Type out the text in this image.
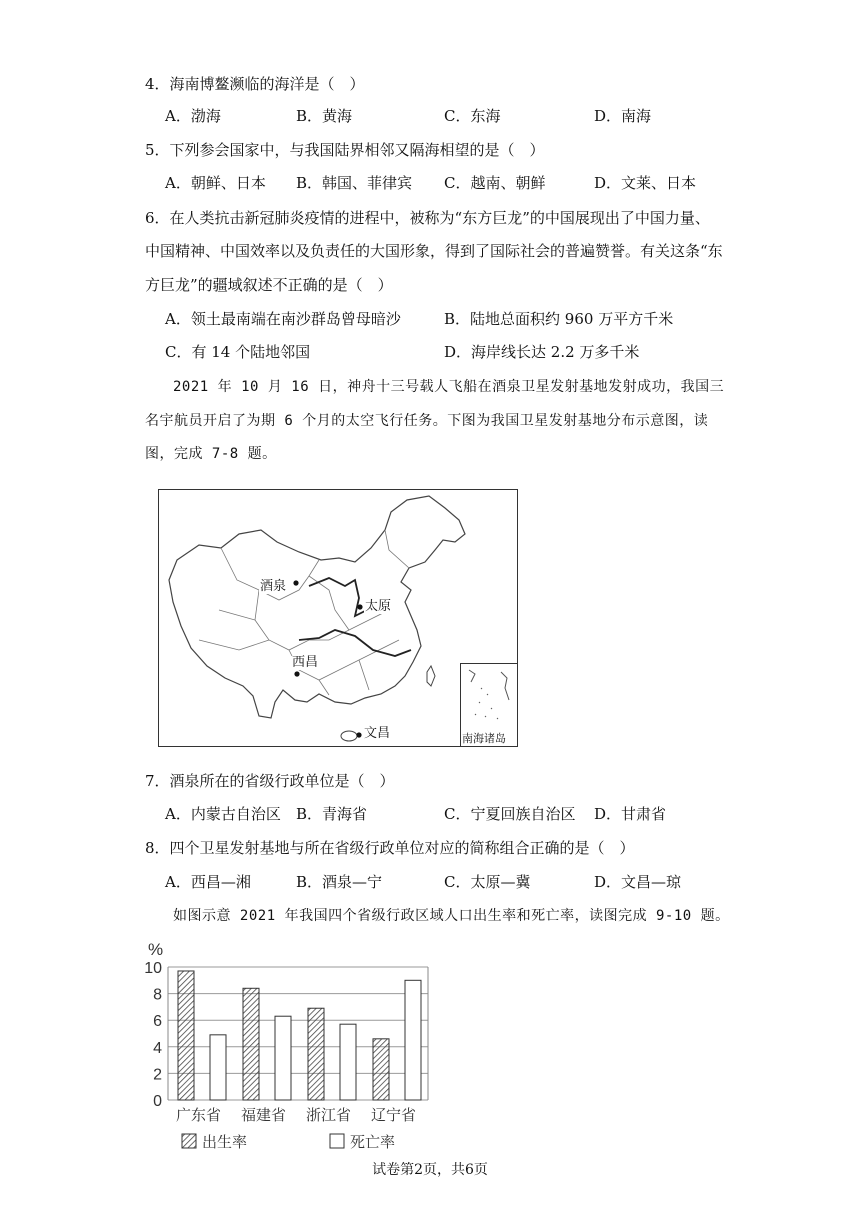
4．海南博鳌濒临的海洋是（　）
A．渤海	B．黄海	C．东海	D．南海
5．下列参会国家中，与我国陆界相邻又隔海相望的是（　）
A．朝鲜、日本 B．韩国、菲律宾 C．越南、朝鲜	D．文莱、日本
6．在人类抗击新冠肺炎疫情的进程中，被称为“东方巨龙”的中国展现出了中国力量、
中国精神、中国效率以及负责任的大国形象，得到了国际社会的普遍赞誉。有关这条“东
方巨龙”的疆域叙述不正确的是（　）
A．领土最南端在南沙群岛曾母暗沙	B．陆地总面积约 960 万平方千米
C．有 14 个陆地邻国	D．海岸线长达 2.2 万多千米
2021 年 10 月 16 日，神舟十三号载人飞船在酒泉卫星发射基地发射成功，我国三
名宇航员开启了为期 6 个月的太空飞行任务。下图为我国卫星发射基地分布示意图，读
图，完成 7-8 题。
酒泉
太原
西昌
文昌	南海诸岛
7．酒泉所在的省级行政单位是（　）
A．内蒙古自治区 B．青海省	C．宁夏回族自治区 D．甘肃省
8．四个卫星发射基地与所在省级行政单位对应的简称组合正确的是（　）
A．西昌—湘	B．酒泉—宁	C．太原—冀	D．文昌—琼
如图示意 2021 年我国四个省级行政区域人口出生率和死亡率，读图完成 9-10 题。
%
0
2
4
6
8
10
广东省 福建省 浙江省 辽宁省
出生率	死亡率
试卷第2页，共6页
